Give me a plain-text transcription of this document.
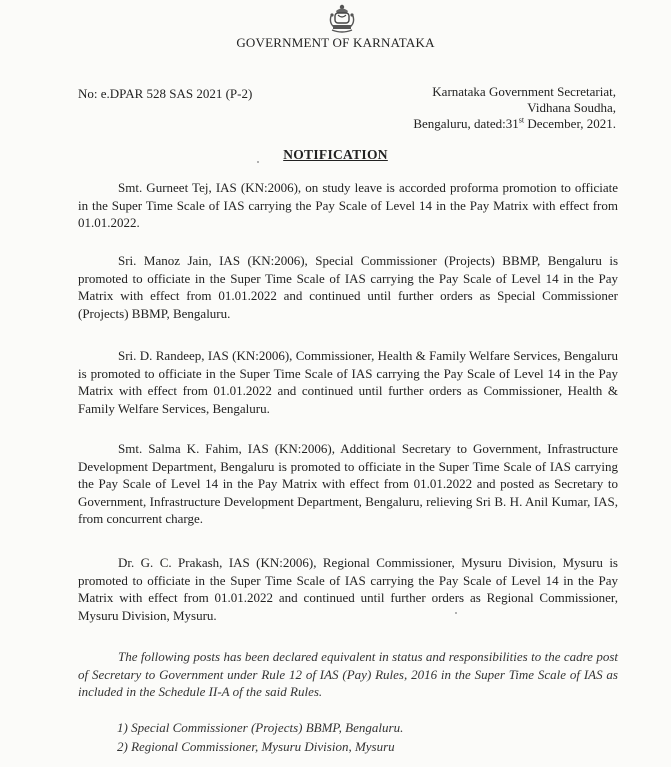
GOVERNMENT OF KARNATAKA
No: e.DPAR 528 SAS 2021 (P-2)	Karnataka Government Secretariat,
Vidhana Soudha,
Bengaluru, dated:31st December, 2021.
NOTIFICATION

Smt. Gurneet Tej, IAS (KN:2006), on study leave is accorded proforma promotion to officiate in the Super Time Scale of IAS carrying the Pay Scale of Level 14 in the Pay Matrix with effect from 01.01.2022.

Sri. Manoz Jain, IAS (KN:2006), Special Commissioner (Projects) BBMP, Bengaluru is promoted to officiate in the Super Time Scale of IAS carrying the Pay Scale of Level 14 in the Pay Matrix with effect from 01.01.2022 and continued until further orders as Special Commissioner (Projects) BBMP, Bengaluru.

Sri. D. Randeep, IAS (KN:2006), Commissioner, Health & Family Welfare Services, Bengaluru is promoted to officiate in the Super Time Scale of IAS carrying the Pay Scale of Level 14 in the Pay Matrix with effect from 01.01.2022 and continued until further orders as Commissioner, Health & Family Welfare Services, Bengaluru.

Smt. Salma K. Fahim, IAS (KN:2006), Additional Secretary to Government, Infrastructure Development Department, Bengaluru is promoted to officiate in the Super Time Scale of IAS carrying the Pay Scale of Level 14 in the Pay Matrix with effect from 01.01.2022 and posted as Secretary to Government, Infrastructure Development Department, Bengaluru, relieving Sri B. H. Anil Kumar, IAS, from concurrent charge.

Dr. G. C. Prakash, IAS (KN:2006), Regional Commissioner, Mysuru Division, Mysuru is promoted to officiate in the Super Time Scale of IAS carrying the Pay Scale of Level 14 in the Pay Matrix with effect from 01.01.2022 and continued until further orders as Regional Commissioner, Mysuru Division, Mysuru.

The following posts has been declared equivalent in status and responsibilities to the cadre post of Secretary to Government under Rule 12 of IAS (Pay) Rules, 2016 in the Super Time Scale of IAS as included in the Schedule II-A of the said Rules.

1) Special Commissioner (Projects) BBMP, Bengaluru.
2) Regional Commissioner, Mysuru Division, Mysuru
